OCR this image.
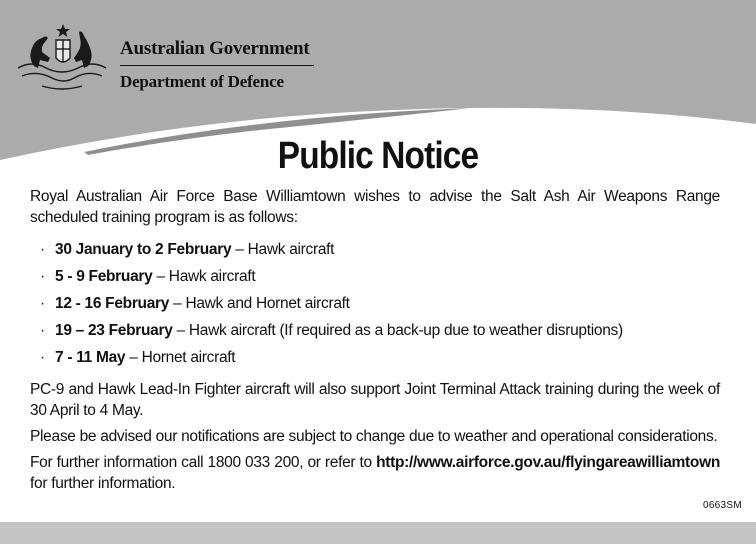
Australian Government
Department of Defence
Public Notice

Royal Australian Air Force Base Williamtown wishes to advise the Salt Ash Air Weapons Range scheduled training program is as follows:

· 30 January to 2 February – Hawk aircraft
· 5 - 9 February – Hawk aircraft
· 12 - 16 February – Hawk and Hornet aircraft
· 19 – 23 February – Hawk aircraft (If required as a back-up due to weather disruptions)
· 7 - 11 May – Hornet aircraft

PC-9 and Hawk Lead-In Fighter aircraft will also support Joint Terminal Attack training during the week of 30 April to 4 May.

Please be advised our notifications are subject to change due to weather and operational considerations.

For further information call 1800 033 200, or refer to http://www.airforce.gov.au/flyingareawilliamtown for further information.

0663SM
